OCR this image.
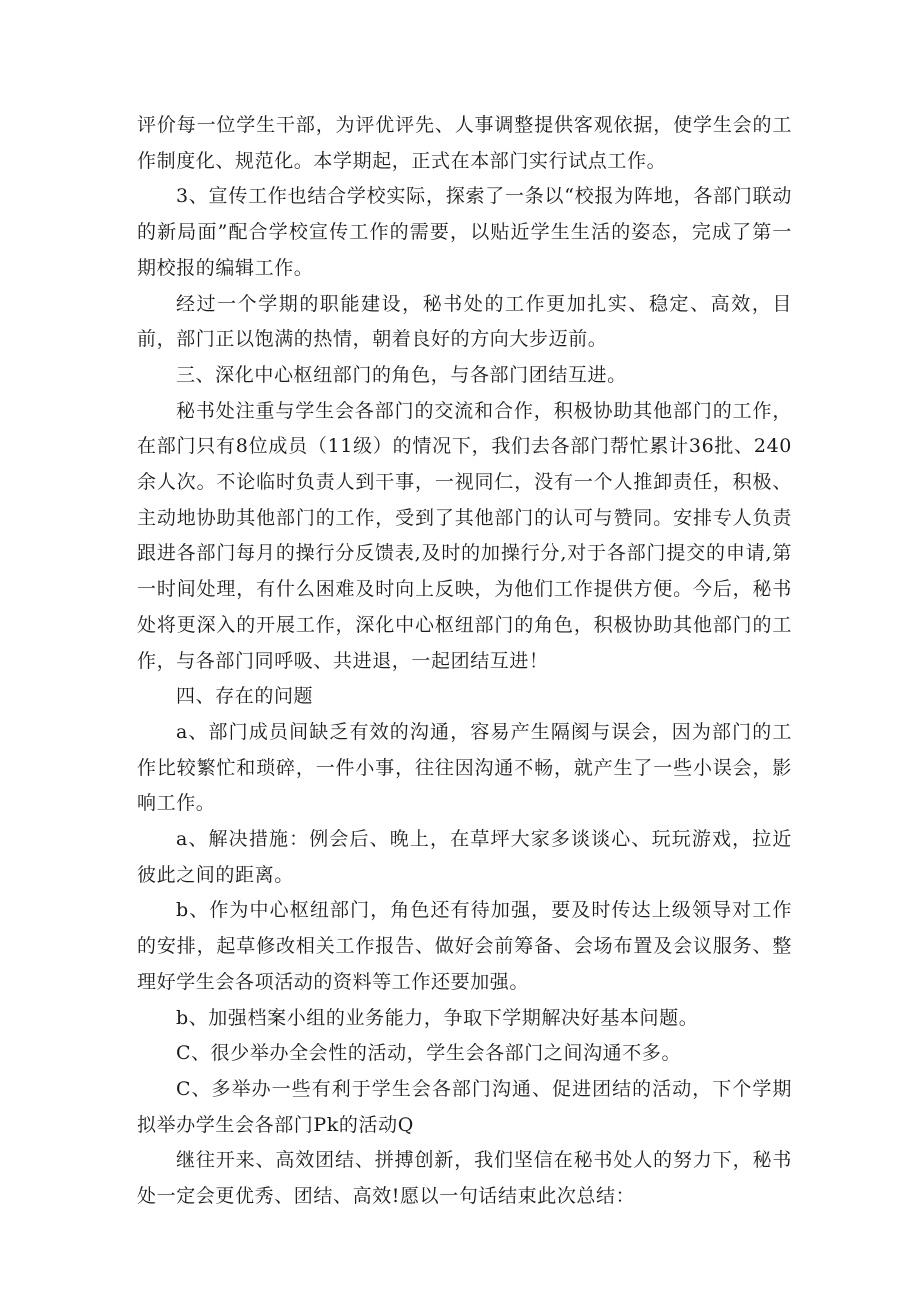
评价每一位学生干部，为评优评先、人事调整提供客观依据，使学生会的工作制度化、规范化。本学期起，正式在本部门实行试点工作。

3、宣传工作也结合学校实际，探索了一条以“校报为阵地，各部门联动的新局面”配合学校宣传工作的需要，以贴近学生生活的姿态，完成了第一期校报的编辑工作。

经过一个学期的职能建设，秘书处的工作更加扎实、稳定、高效，目前，部门正以饱满的热情，朝着良好的方向大步迈前。

三、深化中心枢纽部门的角色，与各部门团结互进。

秘书处注重与学生会各部门的交流和合作，积极协助其他部门的工作，在部门只有8位成员（11级）的情况下，我们去各部门帮忙累计36批、240余人次。不论临时负责人到干事，一视同仁，没有一个人推卸责任，积极、主动地协助其他部门的工作，受到了其他部门的认可与赞同。安排专人负责跟进各部门每月的操行分反馈表,及时的加操行分,对于各部门提交的申请,第一时间处理，有什么困难及时向上反映，为他们工作提供方便。今后，秘书处将更深入的开展工作，深化中心枢纽部门的角色，积极协助其他部门的工作，与各部门同呼吸、共进退，一起团结互进！

四、存在的问题

a、部门成员间缺乏有效的沟通，容易产生隔阂与误会，因为部门的工作比较繁忙和琐碎，一件小事，往往因沟通不畅，就产生了一些小误会，影响工作。

a、解决措施：例会后、晚上，在草坪大家多谈谈心、玩玩游戏，拉近彼此之间的距离。

b、作为中心枢纽部门，角色还有待加强，要及时传达上级领导对工作的安排，起草修改相关工作报告、做好会前筹备、会场布置及会议服务、整理好学生会各项活动的资料等工作还要加强。

b、加强档案小组的业务能力，争取下学期解决好基本问题。

C、很少举办全会性的活动，学生会各部门之间沟通不多。

C、多举办一些有利于学生会各部门沟通、促进团结的活动，下个学期拟举办学生会各部门Pk的活动Q

继往开来、高效团结、拼搏创新，我们坚信在秘书处人的努力下，秘书处一定会更优秀、团结、高效!愿以一句话结束此次总结：
